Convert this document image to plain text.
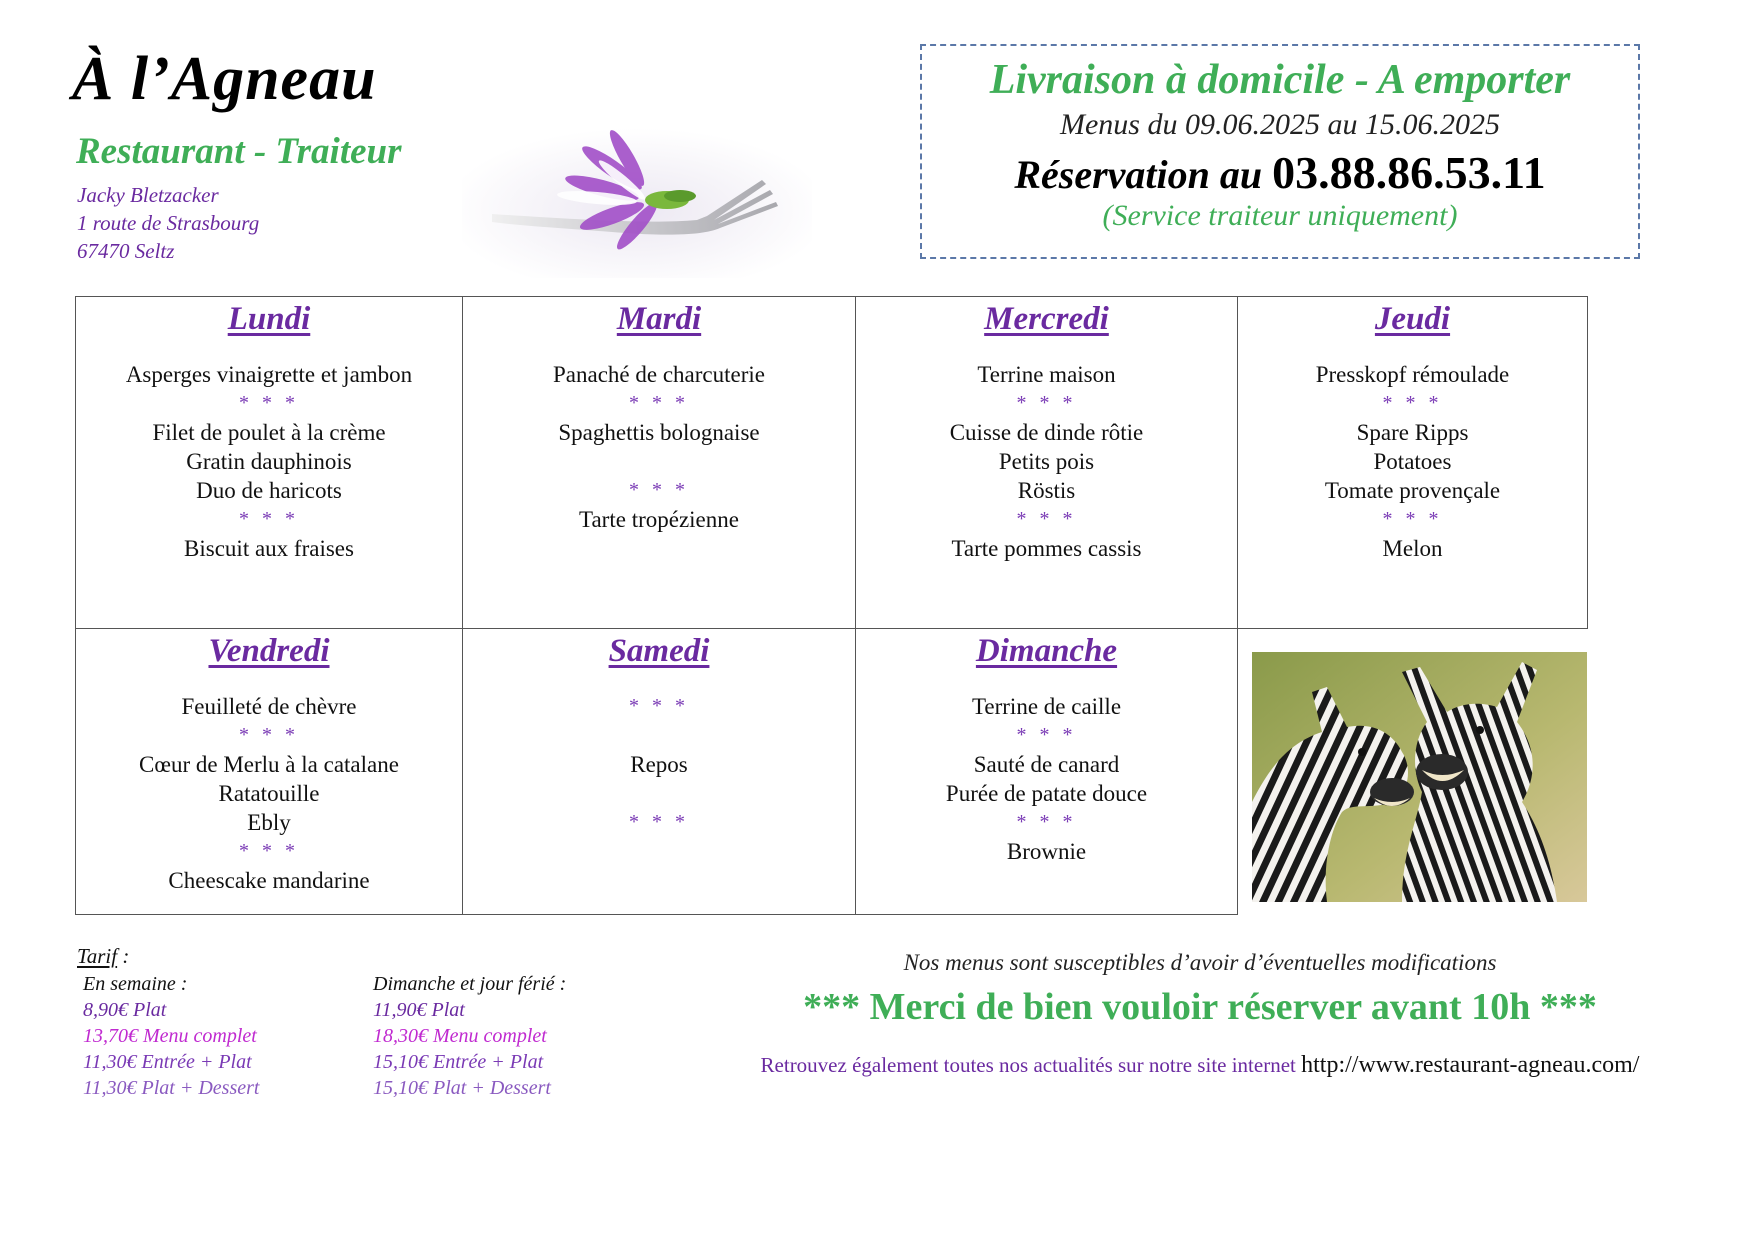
À l’Agneau
Restaurant - Traiteur
Jacky Bletzacker
1 route de Strasbourg
67470 Seltz
Livraison à domicile - A emporter
Menus du 09.06.2025 au 15.06.2025
Réservation au 03.88.86.53.11
(Service traiteur uniquement)
Lundi
Asperges vinaigrette et jambon
* * *
Filet de poulet à la crème
Gratin dauphinois
Duo de haricots
* * *
Biscuit aux fraises
Mardi
Panaché de charcuterie
* * *
Spaghettis bolognaise
* * *
Tarte tropézienne
Mercredi
Terrine maison
* * *
Cuisse de dinde rôtie
Petits pois
Röstis
* * *
Tarte pommes cassis
Jeudi
Presskopf rémoulade
* * *
Spare Ripps
Potatoes
Tomate provençale
* * *
Melon
Vendredi
Feuilleté de chèvre
* * *
Cœur de Merlu à la catalane
Ratatouille
Ebly
* * *
Cheescake mandarine
Samedi
* * *
Repos
* * *
Dimanche
Terrine de caille
* * *
Sauté de canard
Purée de patate douce
* * *
Brownie
Tarif :
En semaine :
8,90€ Plat
13,70€ Menu complet
11,30€ Entrée + Plat
11,30€ Plat + Dessert
Dimanche et jour férié :
11,90€ Plat
18,30€ Menu complet
15,10€ Entrée + Plat
15,10€ Plat + Dessert
Nos menus sont susceptibles d’avoir d’éventuelles modifications
*** Merci de bien vouloir réserver avant 10h ***
Retrouvez également toutes nos actualités sur notre site internet http://www.restaurant-agneau.com/
